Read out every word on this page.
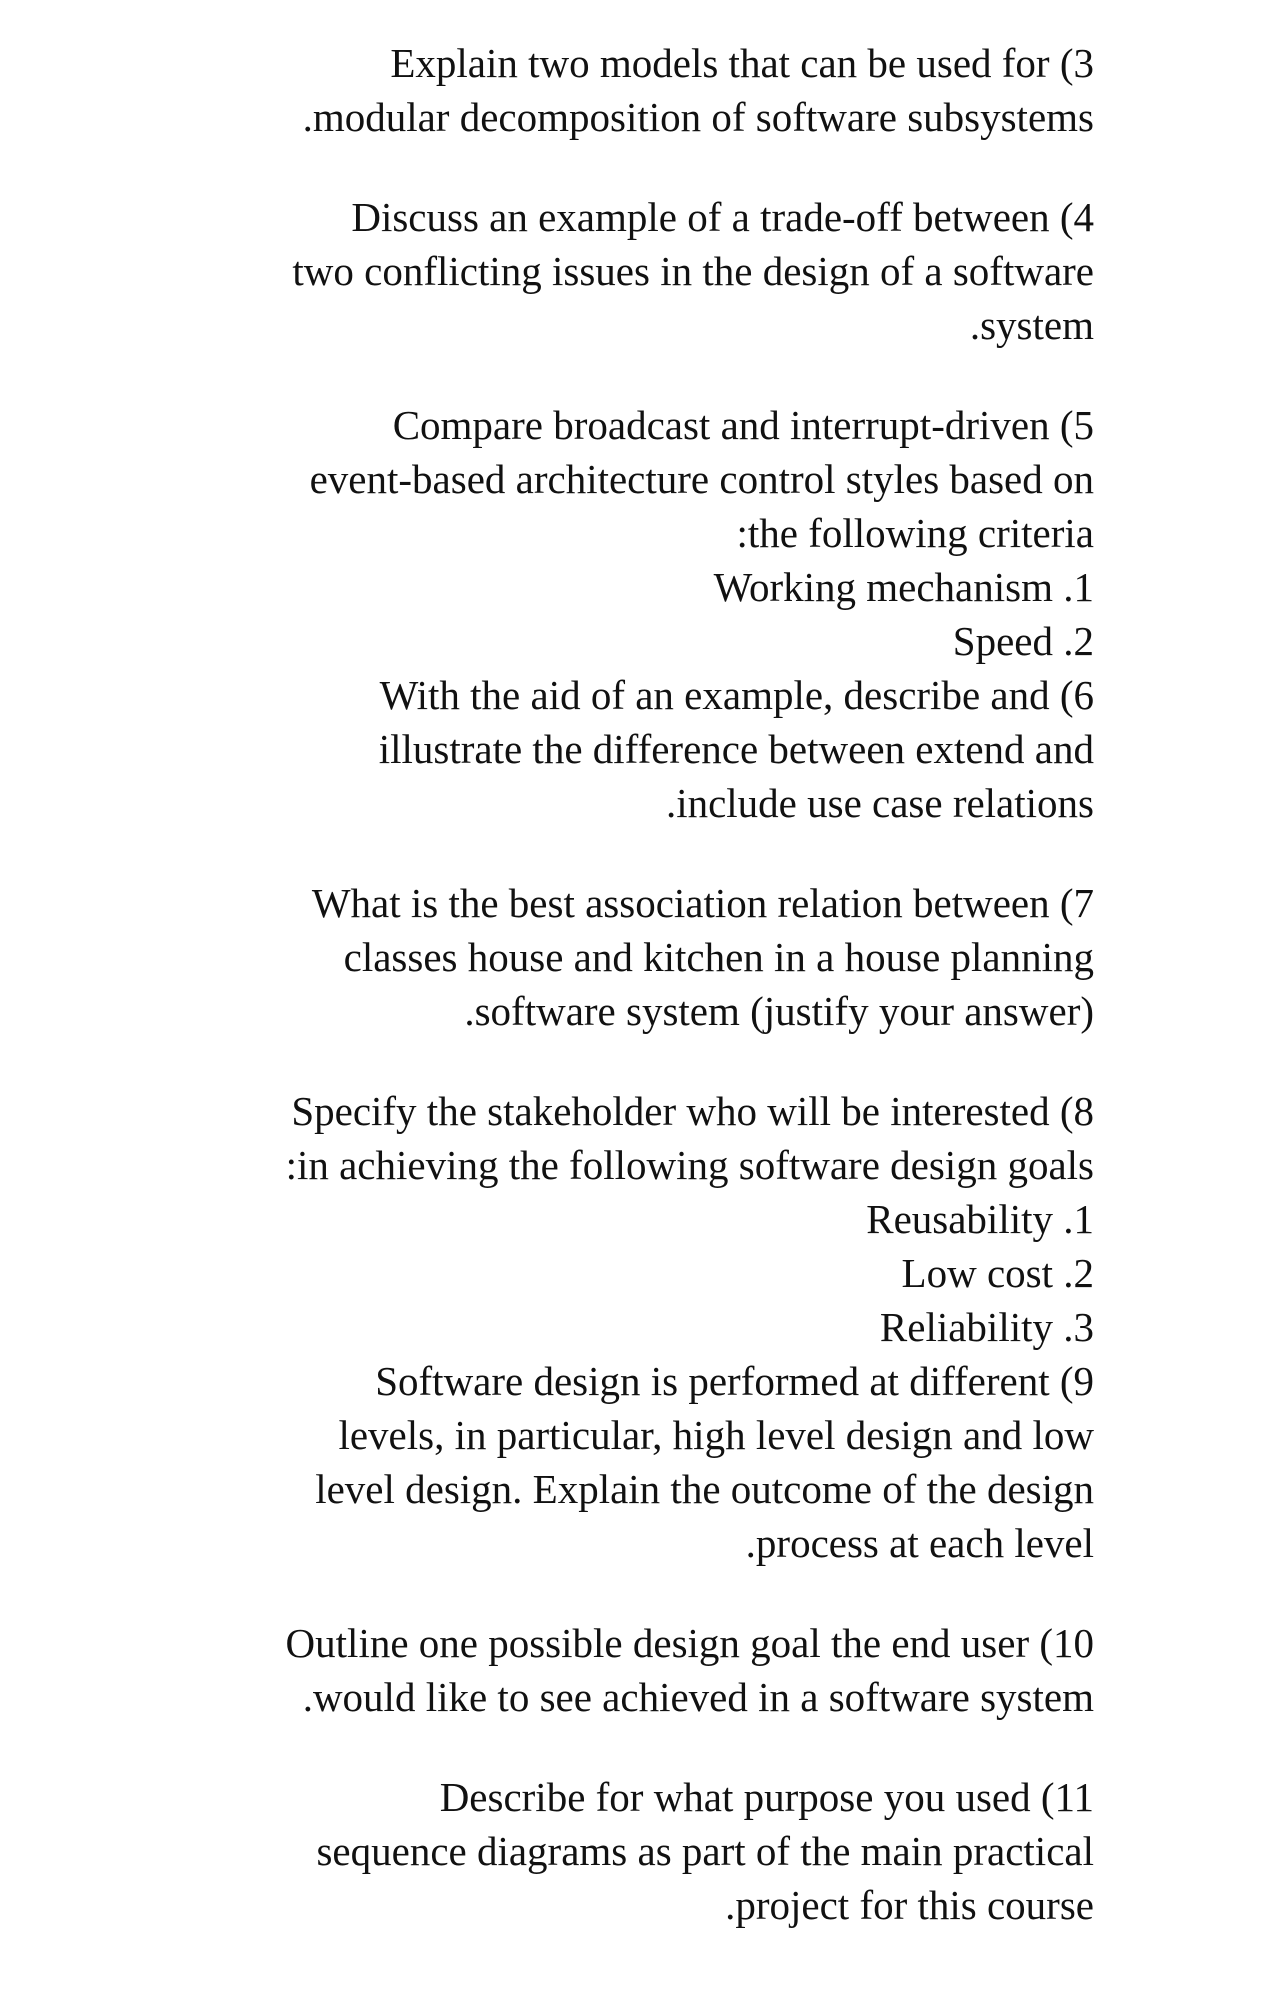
Explain two models that can be used for (3
.modular decomposition of software subsystems
Discuss an example of a trade-off between (4
two conflicting issues in the design of a software
.system
Compare broadcast and interrupt-driven (5
event-based architecture control styles based on
:the following criteria
Working mechanism .1
Speed .2
With the aid of an example, describe and (6
illustrate the difference between extend and
.include use case relations
What is the best association relation between (7
classes house and kitchen in a house planning
.software system (justify your answer)
Specify the stakeholder who will be interested (8
:in achieving the following software design goals
Reusability .1
Low cost .2
Reliability .3
Software design is performed at different (9
levels, in particular, high level design and low
level design. Explain the outcome of the design
.process at each level
Outline one possible design goal the end user (10
.would like to see achieved in a software system
Describe for what purpose you used (11
sequence diagrams as part of the main practical
.project for this course
